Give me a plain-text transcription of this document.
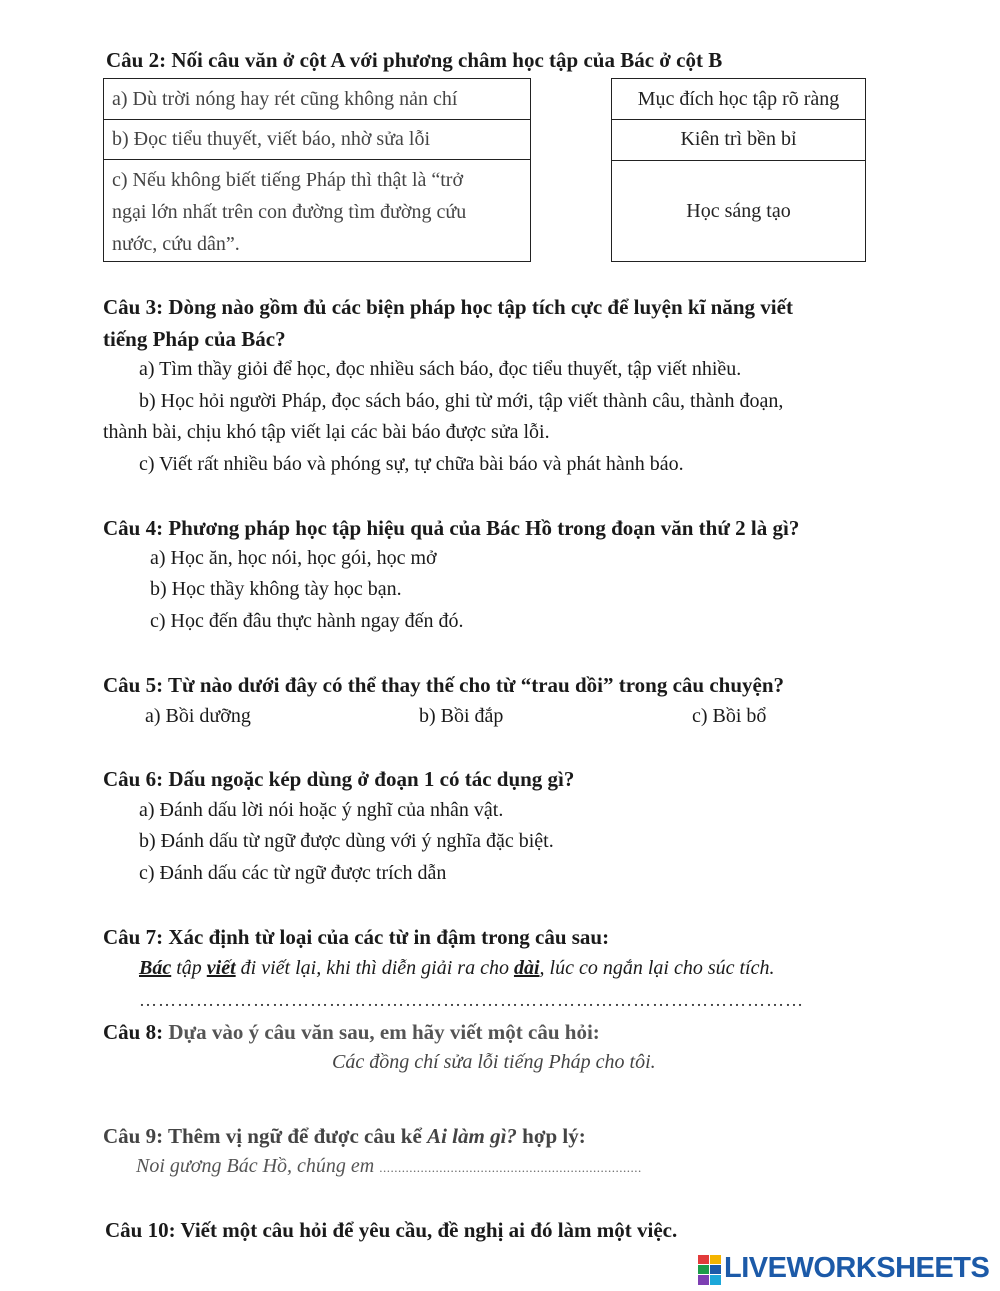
Câu 2: Nối câu văn ở cột A với phương châm học tập của Bác ở cột B
a) Dù trời nóng hay rét cũng không nản chí
b) Đọc tiểu thuyết, viết báo, nhờ sửa lỗi
c) Nếu không biết tiếng Pháp thì thật là “trở
ngại lớn nhất trên con đường tìm đường cứu
nước, cứu dân”.
Mục đích học tập rõ ràng
Kiên trì bền bỉ
Học sáng tạo
Câu 3: Dòng nào gồm đủ các biện pháp học tập tích cực để luyện kĩ năng viết
tiếng Pháp của Bác?
a) Tìm thầy giỏi để học, đọc nhiều sách báo, đọc tiểu thuyết, tập viết nhiều.
b) Học hỏi người Pháp, đọc sách báo, ghi từ mới, tập viết thành câu, thành đoạn,
thành bài, chịu khó tập viết lại các bài báo được sửa lỗi.
c) Viết rất nhiều báo và phóng sự, tự chữa bài báo và phát hành báo.
Câu 4: Phương pháp học tập hiệu quả của Bác Hồ trong đoạn văn thứ 2 là gì?
a) Học ăn, học nói, học gói, học mở
b) Học thầy không tày học bạn.
c) Học đến đâu thực hành ngay đến đó.
Câu 5: Từ nào dưới đây có thể thay thế cho từ “trau dồi” trong câu chuyện?
a) Bồi dưỡng	b) Bồi đắp	c) Bồi bổ
Câu 6: Dấu ngoặc kép dùng ở đoạn 1 có tác dụng gì?
a) Đánh dấu lời nói hoặc ý nghĩ của nhân vật.
b) Đánh dấu từ ngữ được dùng với ý nghĩa đặc biệt.
c) Đánh dấu các từ ngữ được trích dẫn
Câu 7: Xác định từ loại của các từ in đậm trong câu sau:
Bác tập viết đi viết lại, khi thì diễn giải ra cho dài, lúc co ngắn lại cho súc tích.
……………………………………………………………………………………………
Câu 8: Dựa vào ý câu văn sau, em hãy viết một câu hỏi:
Các đồng chí sửa lỗi tiếng Pháp cho tôi.
Câu 9: Thêm vị ngữ để được câu kể Ai làm gì? hợp lý:
Noi gương Bác Hồ, chúng em ......................................................................
Câu 10: Viết một câu hỏi để yêu cầu, đề nghị ai đó làm một việc.
LIVEWORKSHEETS
